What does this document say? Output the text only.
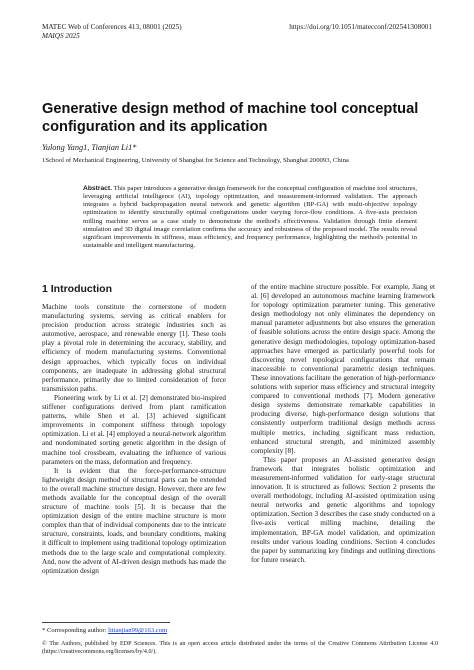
MATEC Web of Conferences 413, 08001 (2025)
MAIQS 2025
https://doi.org/10.1051/matecconf/202541308001
Generative design method of machine tool conceptual configuration and its application
Yulong Yang1, Tianjian Li1*
1School of Mechanical Engineering, University of Shanghai for Science and Technology, Shanghai 200093, China

Abstract. This paper introduces a generative design framework for the conceptual configuration of machine tool structures, leveraging artificial intelligence (AI), topology optimization, and measurement-informed validation. The approach integrates a hybrid backpropagation neural network and genetic algorithm (BP-GA) with multi-objective topology optimization to identify structurally optimal configurations under varying force-flow conditions. A five-axis precision milling machine serves as a case study to demonstrate the method's effectiveness. Validation through finite element simulation and 3D digital image correlation confirms the accuracy and robustness of the proposed model. The results reveal significant improvements in stiffness, mass efficiency, and frequency performance, highlighting the method's potential in sustainable and intelligent manufacturing.

1 Introduction

Machine tools constitute the cornerstone of modern manufacturing systems, serving as critical enablers for precision production across strategic industries such as automotive, aerospace, and renewable energy [1]. These tools play a pivotal role in determining the accuracy, stability, and efficiency of modern manufacturing systems. Conventional design approaches, which typically focus on individual components, are inadequate in addressing global structural performance, primarily due to limited consideration of force transmission paths.

Pioneering work by Li et al. [2] demonstrated bio-inspired stiffener configurations derived from plant ramification patterns, while Shen et al. [3] achieved significant improvements in component stiffness through topology optimization. Li et al. [4] employed a neural-network algorithm and nondominated sorting genetic algorithm in the design of machine tool crossbeam, evaluating the influence of various parameters on the mass, deformation and frequency.

It is evident that the force-performance-structure lightweight design method of structural parts can be extended to the overall machine structure design. However, there are few methods available for the conceptual design of the overall structure of machine tools [5]. It is because that the optimization design of the entire machine structure is more complex than that of individual components due to the intricate structure, constraints, loads, and boundary conditions, making it difficult to implement using traditional topology optimization methods due to the large scale and computational complexity. And, now the advent of AI-driven design methods has made the optimization design

of the entire machine structure possible. For example, Jiang et al. [6] developed an autonomous machine learning framework for topology optimization parameter tuning. This generative design methodology not only eliminates the dependency on manual parameter adjustments but also ensures the generation of feasible solutions across the entire design space. Among the generative design methodologies, topology optimization-based approaches have emerged as particularly powerful tools for discovering novel topological configurations that remain inaccessible to conventional parametric design techniques. These innovations facilitate the generation of high-performance solutions with superior mass efficiency and structural integrity compared to conventional methods [7]. Modern generative design systems demonstrate remarkable capabilities in producing diverse, high-performance design solutions that consistently outperform traditional design methods across multiple metrics, including significant mass reduction, enhanced structural strength, and minimized assembly complexity [8].

This paper proposes an AI-assisted generative design framework that integrates holistic optimization and measurement-informed validation for early-stage structural innovation. It is structured as follows: Section 2 presents the overall methodology, including AI-assisted optimization using neural networks and genetic algorithms and topology optimization. Section 3 describes the case study conducted on a five-axis vertical milling machine, detailing the implementation, BP-GA model validation, and optimization results under various loading conditions. Section 4 concludes the paper by summarizing key findings and outlining directions for future research.

* Corresponding author: litianjian99@163.com

© The Authors, published by EDP Sciences. This is an open access article distributed under the terms of the Creative Commons Attribution License 4.0 (https://creativecommons.org/licenses/by/4.0/).
